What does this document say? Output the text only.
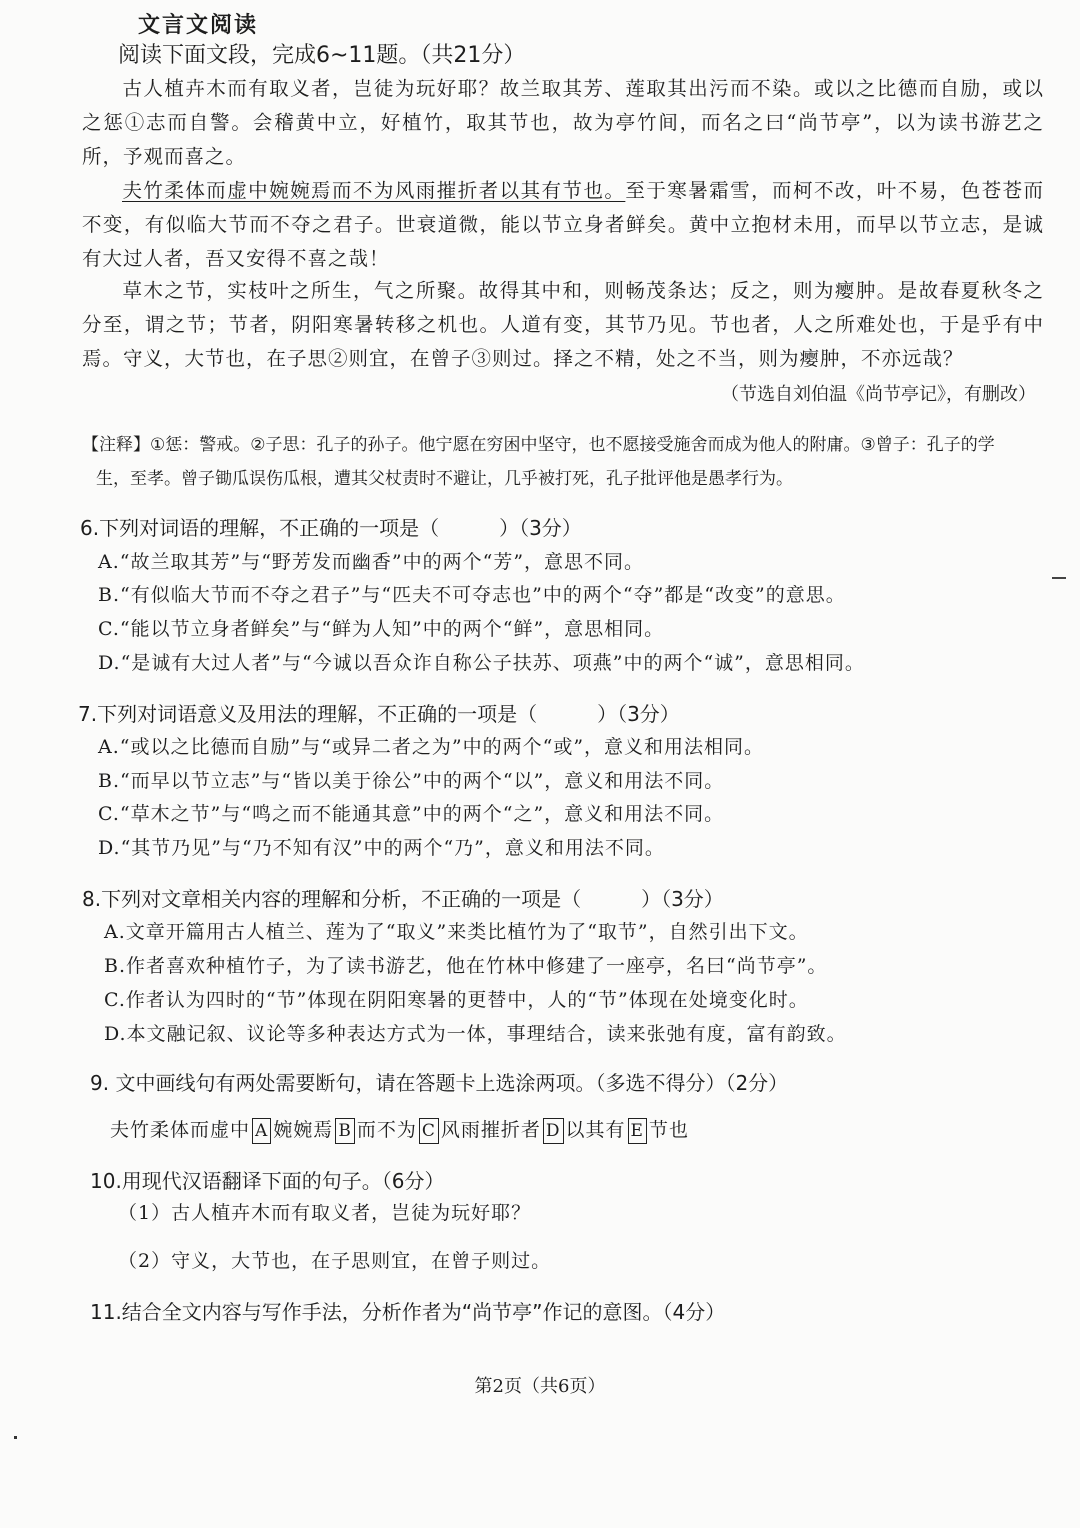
文言文阅读
阅读下面文段，完成6~11题。（共21分）
古人植卉木而有取义者，岂徒为玩好耶？故兰取其芳、莲取其出污而不染。或以之比德而自励，或以之惩①志而自警。会稽黄中立，好植竹，取其节也，故为亭竹间，而名之曰“尚节亭”，以为读书游艺之所，予观而喜之。
夫竹柔体而虚中婉婉焉而不为风雨摧折者以其有节也。至于寒暑霜雪，而柯不改，叶不易，色苍苍而不变，有似临大节而不夺之君子。世衰道微，能以节立身者鲜矣。黄中立抱材未用，而早以节立志，是诚有大过人者，吾又安得不喜之哉！
草木之节，实枝叶之所生，气之所聚。故得其中和，则畅茂条达；反之，则为瘿肿。是故春夏秋冬之分至，谓之节；节者，阴阳寒暑转移之机也。人道有变，其节乃见。节也者，人之所难处也，于是乎有中焉。守义，大节也，在子思②则宜，在曾子③则过。择之不精，处之不当，则为瘿肿，不亦远哉？
（节选自刘伯温《尚节亭记》，有删改）
【注释】①惩：警戒。②子思：孔子的孙子。他宁愿在穷困中坚守，也不愿接受施舍而成为他人的附庸。③曾子：孔子的学
生，至孝。曾子锄瓜误伤瓜根，遭其父杖责时不避让，几乎被打死，孔子批评他是愚孝行为。
6.下列对词语的理解，不正确的一项是（　　　）（3分）
A.“故兰取其芳”与“野芳发而幽香”中的两个“芳”，意思不同。
B.“有似临大节而不夺之君子”与“匹夫不可夺志也”中的两个“夺”都是“改变”的意思。
C.“能以节立身者鲜矣”与“鲜为人知”中的两个“鲜”，意思相同。
D.“是诚有大过人者”与“今诚以吾众诈自称公子扶苏、项燕”中的两个“诚”，意思相同。
7.下列对词语意义及用法的理解，不正确的一项是（　　　）（3分）
A.“或以之比德而自励”与“或异二者之为”中的两个“或”，意义和用法相同。
B.“而早以节立志”与“皆以美于徐公”中的两个“以”，意义和用法不同。
C.“草木之节”与“鸣之而不能通其意”中的两个“之”，意义和用法不同。
D.“其节乃见”与“乃不知有汉”中的两个“乃”，意义和用法不同。
8.下列对文章相关内容的理解和分析，不正确的一项是（　　　）（3分）
A.文章开篇用古人植兰、莲为了“取义”来类比植竹为了“取节”，自然引出下文。
B.作者喜欢种植竹子，为了读书游艺，他在竹林中修建了一座亭，名曰“尚节亭”。
C.作者认为四时的“节”体现在阴阳寒暑的更替中，人的“节”体现在处境变化时。
D.本文融记叙、议论等多种表达方式为一体，事理结合，读来张弛有度，富有韵致。
9. 文中画线句有两处需要断句，请在答题卡上选涂两项。（多选不得分）（2分）
夫竹柔体而虚中 A 婉婉焉 B 而不为 C 风雨摧折者 D 以其有 E 节也
10.用现代汉语翻译下面的句子。（6分）
（1）古人植卉木而有取义者，岂徒为玩好耶？
（2）守义，大节也，在子思则宜，在曾子则过。
11.结合全文内容与写作手法，分析作者为“尚节亭”作记的意图。（4分）
第2页（共6页）
